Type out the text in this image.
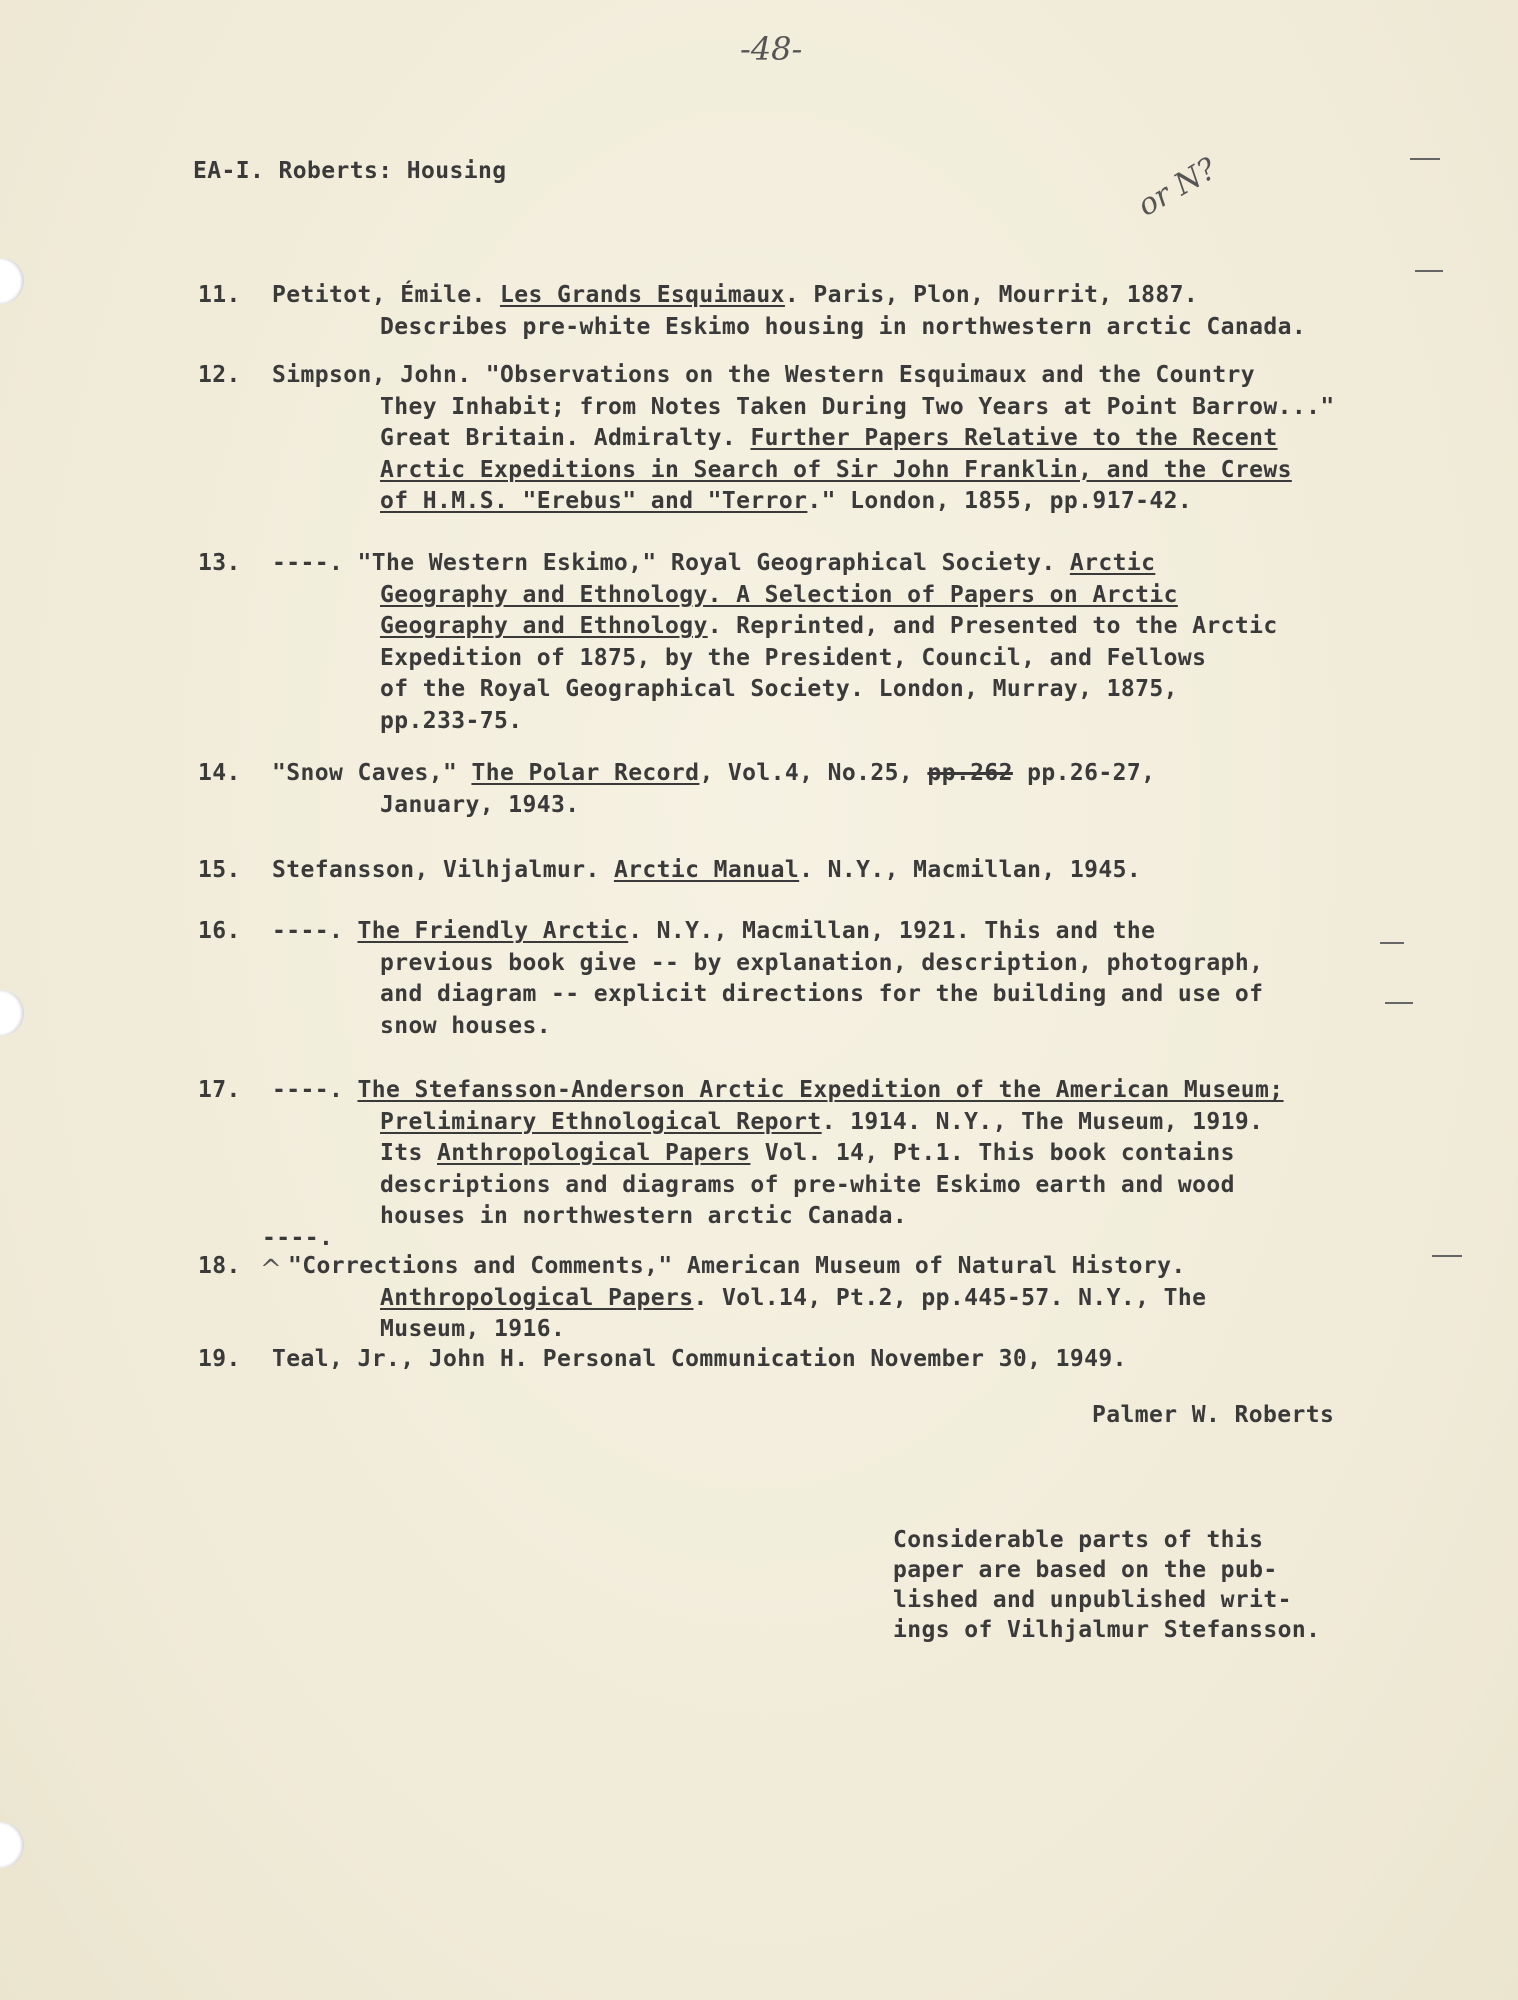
-48-
EA-I. Roberts: Housing	or N?
11. Petitot, Émile. Les Grands Esquimaux. Paris, Plon, Mourrit, 1887.
Describes pre-white Eskimo housing in northwestern arctic Canada.
12. Simpson, John. "Observations on the Western Esquimaux and the Country
They Inhabit; from Notes Taken During Two Years at Point Barrow..."
Great Britain. Admiralty. Further Papers Relative to the Recent
Arctic Expeditions in Search of Sir John Franklin, and the Crews
of H.M.S. "Erebus" and "Terror." London, 1855, pp.917-42.
13. ----. "The Western Eskimo," Royal Geographical Society. Arctic
Geography and Ethnology. A Selection of Papers on Arctic
Geography and Ethnology. Reprinted, and Presented to the Arctic
Expedition of 1875, by the President, Council, and Fellows
of the Royal Geographical Society. London, Murray, 1875,
pp.233-75.
14. "Snow Caves," The Polar Record, Vol.4, No.25, pp.262 pp.26-27,
January, 1943.
15. Stefansson, Vilhjalmur. Arctic Manual. N.Y., Macmillan, 1945.
16. ----. The Friendly Arctic. N.Y., Macmillan, 1921. This and the
previous book give -- by explanation, description, photograph,
and diagram -- explicit directions for the building and use of
snow houses.
17. ----. The Stefansson-Anderson Arctic Expedition of the American Museum;
Preliminary Ethnological Report. 1914. N.Y., The Museum, 1919.
Its Anthropological Papers Vol. 14, Pt.1. This book contains
descriptions and diagrams of pre-white Eskimo earth and wood
houses in northwestern arctic Canada.
18.
----.
^ "Corrections and Comments," American Museum of Natural History.
Anthropological Papers. Vol.14, Pt.2, pp.445-57. N.Y., The
Museum, 1916.
19. Teal, Jr., John H. Personal Communication November 30, 1949.
Palmer W. Roberts
Considerable parts of this
paper are based on the pub-
lished and unpublished writ-
ings of Vilhjalmur Stefansson.
